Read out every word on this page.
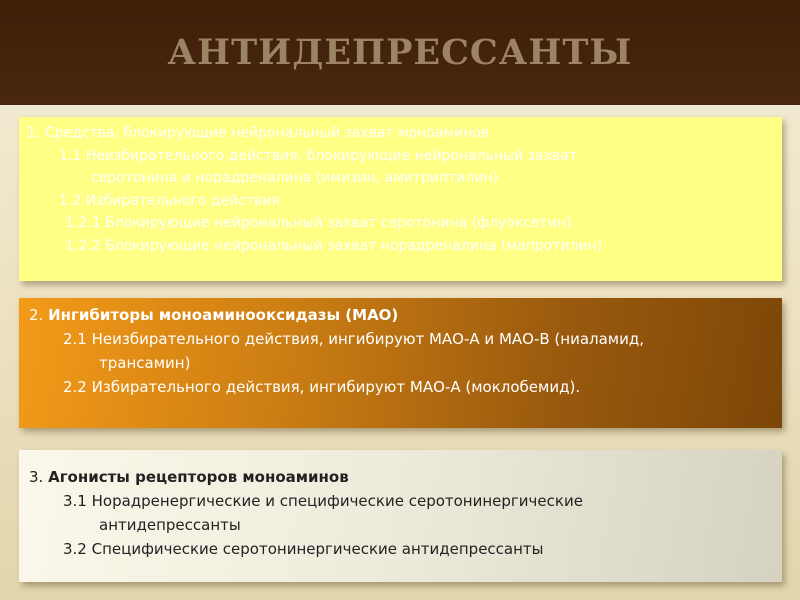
АНТИДЕПРЕССАНТЫ
1. Средства, блокирующие нейрональный захват моноаминов
1.1 Неизбирательного действия, блокирующие нейрональный захват
серотонина и норадреналина (имизин, амитриптилин)
1.2 Избирательного действия
1.2.1 Блокирующие нейрональный захват серотонина (флуоксетин)
1.2.2 Блокирующие нейрональный захват норадреналина (мапротилин)
2. Ингибиторы моноаминооксидазы (МАО)
2.1 Неизбирательного действия, ингибируют МАО-А и МАО-В (ниаламид,
трансамин)
2.2 Избирательного действия, ингибируют МАО-А (моклобемид).
3. Агонисты рецепторов моноаминов
3.1 Норадренергические и специфические серотонинергические
антидепрессанты
3.2 Специфические серотонинергические антидепрессанты
